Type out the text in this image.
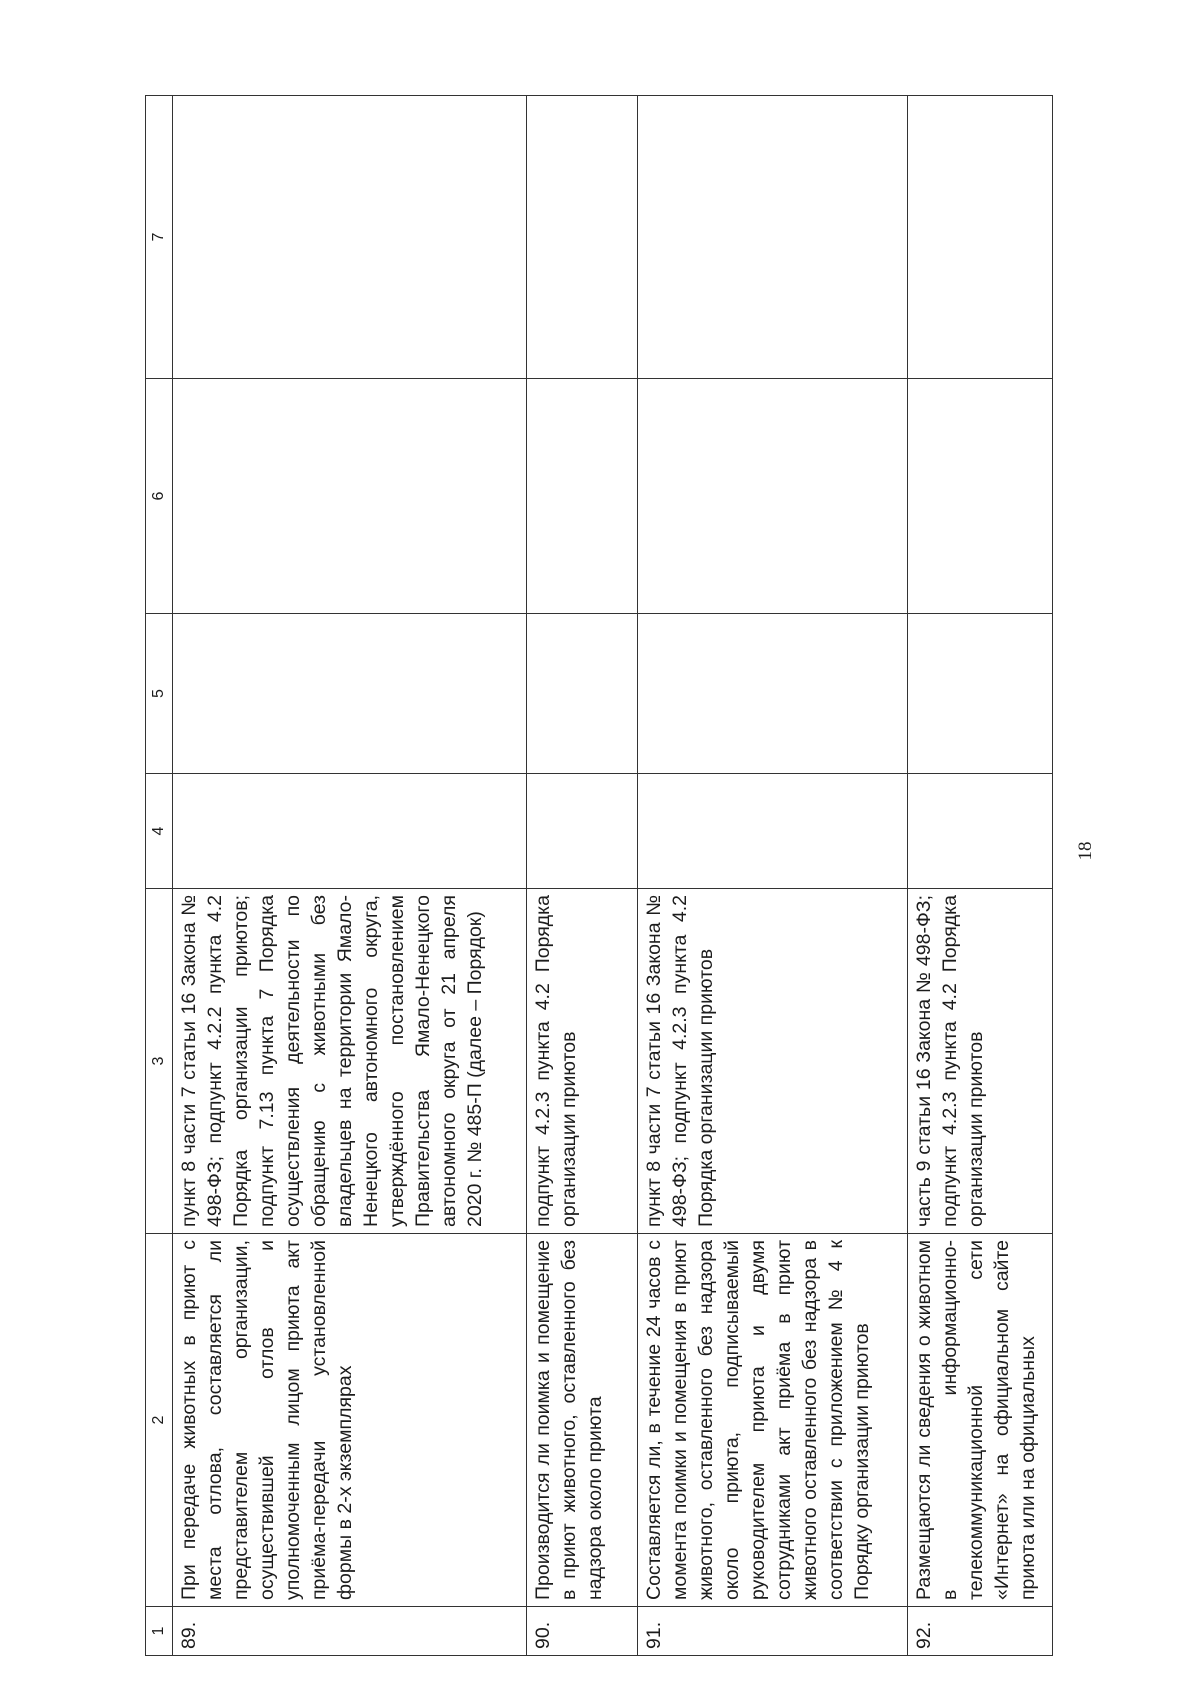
18
1	2	3	4	5	6	7
89.	При передаче животных в приют с места отлова, составляется ли представителем организации, осуществившей отлов и уполномоченным лицом приюта акт приёма-передачи установленной формы в 2-х экземплярах	пункт 8 части 7 статьи 16 Закона № 498-ФЗ; подпункт 4.2.2 пункта 4.2 Порядка организации приютов; подпункт 7.13 пункта 7 Порядка осуществления деятельности по обращению с животными без владельцев на территории Ямало-Ненецкого автономного округа, утверждённого постановлением Правительства Ямало-Ненецкого автономного округа от 21 апреля 2020 г. № 485-П (далее – Порядок)				
90.	Производится ли поимка и помещение в приют животного, оставленного без надзора около приюта	подпункт 4.2.3 пункта 4.2 Порядка организации приютов				
91.	Составляется ли, в течение 24 часов с момента поимки и помещения в приют животного, оставленного без надзора около приюта, подписываемый руководителем приюта и двумя сотрудниками акт приёма в приют животного оставленного без надзора в соответствии с приложением № 4 к Порядку организации приютов	пункт 8 части 7 статьи 16 Закона № 498-ФЗ; подпункт 4.2.3 пункта 4.2 Порядка организации приютов				
92.	Размещаются ли сведения о животном в информационно-телекоммуникационной сети «Интернет» на официальном сайте приюта или на официальных	часть 9 статьи 16 Закона № 498-ФЗ; подпункт 4.2.3 пункта 4.2 Порядка организации приютов				
